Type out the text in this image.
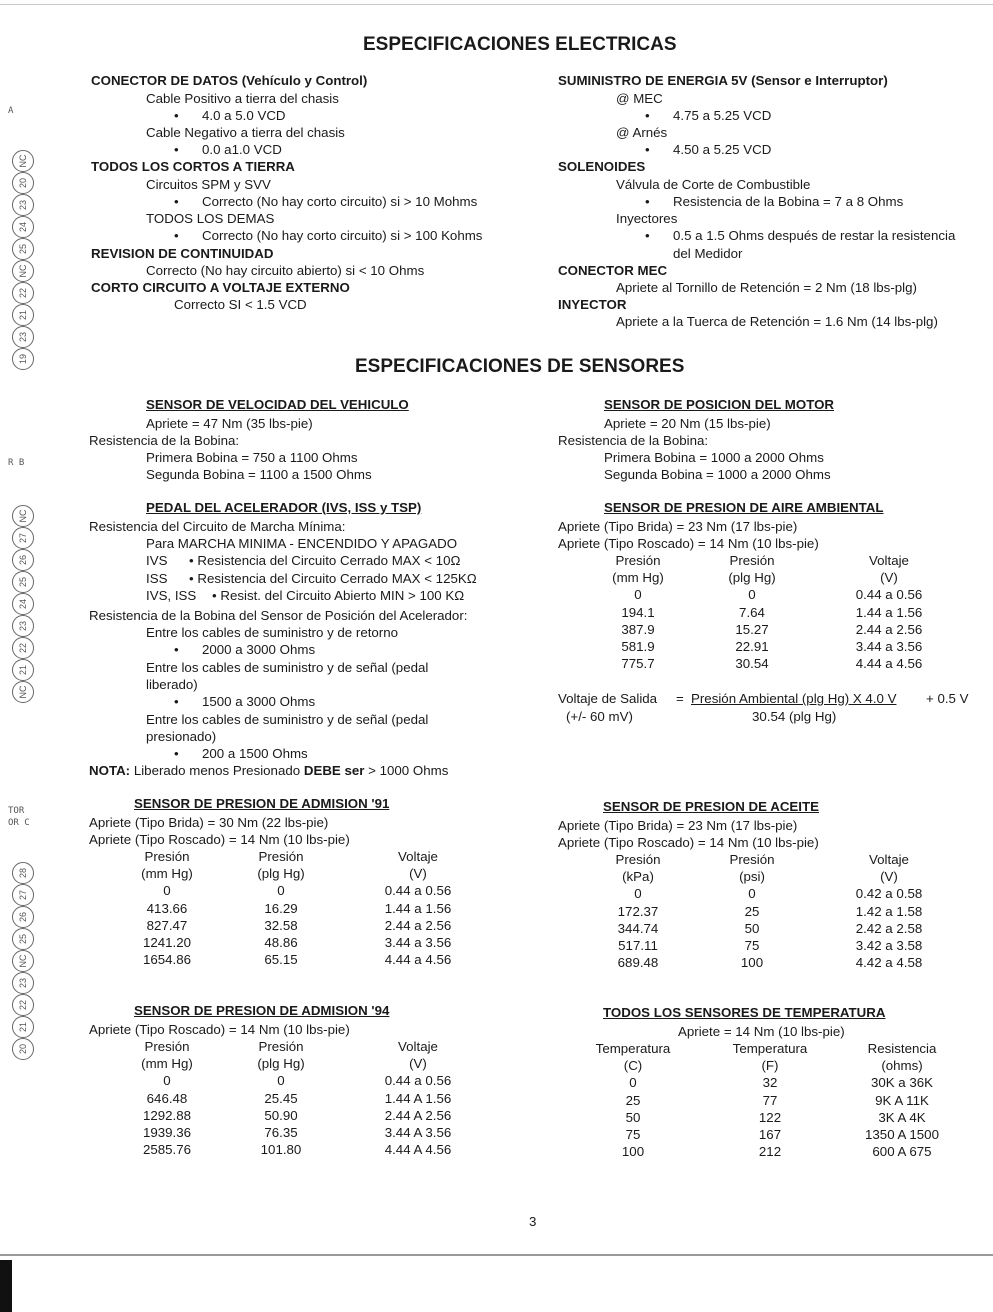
A
R B
TOR
OR C
NC
20
23
24
25
NC
22
21
23
19
NC
27
26
25
24
23
22
21
NC
28
27
26
25
NC
23
22
21
20
ESPECIFICACIONES ELECTRICAS
CONECTOR DE DATOS (Vehículo y Control)
Cable Positivo a tierra del chasis
• 4.0 a 5.0 VCD
Cable Negativo a tierra del chasis
• 0.0 a1.0 VCD
TODOS LOS CORTOS A TIERRA
Circuitos SPM y SVV
• Correcto (No hay corto circuito) si > 10 Mohms
TODOS LOS DEMAS
• Correcto (No hay corto circuito) si > 100 Kohms
REVISION DE CONTINUIDAD
Correcto (No hay circuito abierto) si < 10 Ohms
CORTO CIRCUITO A VOLTAJE EXTERNO
Correcto SI < 1.5 VCD
SUMINISTRO DE ENERGIA 5V (Sensor e Interruptor)
@ MEC
• 4.75 a 5.25 VCD
@ Arnés
• 4.50 a 5.25 VCD
SOLENOIDES
Válvula de Corte de Combustible
• Resistencia de la Bobina = 7 a 8 Ohms
Inyectores
• 0.5 a 1.5 Ohms después de restar la resistencia
del Medidor
CONECTOR MEC
Apriete al Tornillo de Retención = 2 Nm (18 lbs-plg)
INYECTOR
Apriete a la Tuerca de Retención = 1.6 Nm (14 lbs-plg)
ESPECIFICACIONES DE SENSORES
SENSOR DE VELOCIDAD DEL VEHICULO
Apriete = 47 Nm (35 lbs-pie)
Resistencia de la Bobina:
Primera Bobina = 750 a 1100 Ohms
Segunda Bobina = 1100 a 1500 Ohms
SENSOR DE POSICION DEL MOTOR
Apriete = 20 Nm (15 lbs-pie)
Resistencia de la Bobina:
Primera Bobina = 1000 a 2000 Ohms
Segunda Bobina = 1000 a 2000 Ohms
PEDAL DEL ACELERADOR (IVS, ISS y TSP)
Resistencia del Circuito de Marcha Mínima:
Para MARCHA MINIMA - ENCENDIDO Y APAGADO
IVS • Resistencia del Circuito Cerrado MAX < 10Ω
ISS • Resistencia del Circuito Cerrado MAX < 125KΩ
IVS, ISS • Resist. del Circuito Abierto MIN > 100 KΩ
Resistencia de la Bobina del Sensor de Posición del Acelerador:
Entre los cables de suministro y de retorno
• 2000 a 3000 Ohms
Entre los cables de suministro y de señal (pedal
liberado)
• 1500 a 3000 Ohms
Entre los cables de suministro y de señal (pedal
presionado)
• 200 a 1500 Ohms
NOTA: Liberado menos Presionado DEBE ser > 1000 Ohms
SENSOR DE PRESION DE AIRE AMBIENTAL
Apriete (Tipo Brida) = 23 Nm (17 lbs-pie)
Apriete (Tipo Roscado) = 14 Nm (10 lbs-pie)
Presión	Presión	Voltaje
(mm Hg)	(plg Hg)	(V)
0	0	0.44 a 0.56
194.1	7.64	1.44 a 1.56
387.9	15.27	2.44 a 2.56
581.9	22.91	3.44 a 3.56
775.7	30.54	4.44 a 4.56
Voltaje de Salida = Presión Ambiental (plg Hg) X 4.0 V + 0.5 V
(+/- 60 mV)	30.54 (plg Hg)
SENSOR DE PRESION DE ADMISION '91
Apriete (Tipo Brida) = 30 Nm (22 lbs-pie)
Apriete (Tipo Roscado) = 14 Nm (10 lbs-pie)
Presión	Presión	Voltaje
(mm Hg)	(plg Hg)	(V)
0	0	0.44 a 0.56
413.66	16.29	1.44 a 1.56
827.47	32.58	2.44 a 2.56
1241.20	48.86	3.44 a 3.56
1654.86	65.15	4.44 a 4.56
SENSOR DE PRESION DE ACEITE
Apriete (Tipo Brida) = 23 Nm (17 lbs-pie)
Apriete (Tipo Roscado) = 14 Nm (10 lbs-pie)
Presión	Presión	Voltaje
(kPa)	(psi)	(V)
0	0	0.42 a 0.58
172.37	25	1.42 a 1.58
344.74	50	2.42 a 2.58
517.11	75	3.42 a 3.58
689.48	100	4.42 a 4.58
SENSOR DE PRESION DE ADMISION '94
Apriete (Tipo Roscado) = 14 Nm (10 lbs-pie)
Presión	Presión	Voltaje
(mm Hg)	(plg Hg)	(V)
0	0	0.44 a 0.56
646.48	25.45	1.44 A 1.56
1292.88	50.90	2.44 A 2.56
1939.36	76.35	3.44 A 3.56
2585.76	101.80	4.44 A 4.56
TODOS LOS SENSORES DE TEMPERATURA
Apriete = 14 Nm (10 lbs-pie)
Temperatura	Temperatura	Resistencia
(C)	(F)	(ohms)
0	32	30K a 36K
25	77	9K A 11K
50	122	3K A 4K
75	167	1350 A 1500
100	212	600 A 675
3
